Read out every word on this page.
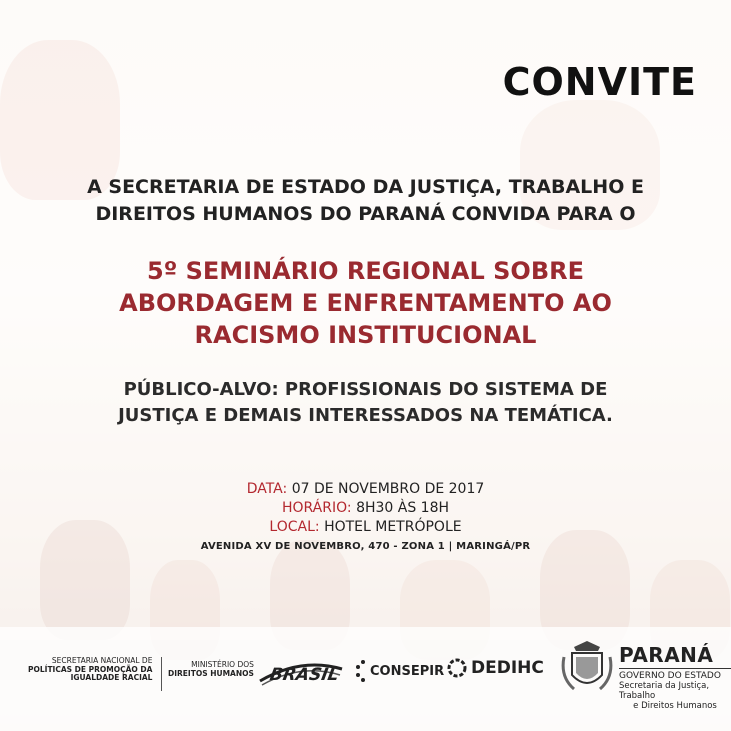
CONVITE
A SECRETARIA DE ESTADO DA JUSTIÇA, TRABALHO E
DIREITOS HUMANOS DO PARANÁ CONVIDA PARA O
5º SEMINÁRIO REGIONAL SOBRE
ABORDAGEM E ENFRENTAMENTO AO
RACISMO INSTITUCIONAL
PÚBLICO-ALVO: PROFISSIONAIS DO SISTEMA DE
JUSTIÇA E DEMAIS INTERESSADOS NA TEMÁTICA.
DATA: 07 DE NOVEMBRO DE 2017
HORÁRIO: 8H30 ÀS 18H
LOCAL: HOTEL METRÓPOLE
AVENIDA XV DE NOVEMBRO, 470 - ZONA 1 | MARINGÁ/PR
SECRETARIA NACIONAL DE
POLÍTICAS DE PROMOÇÃO DA
IGUALDADE RACIAL
MINISTÉRIO DOS
DIREITOS HUMANOS BRASIL CONSEPIR DEDIHC
PARANÁ
GOVERNO DO ESTADO
Secretaria da Justiça, Trabalho
e Direitos Humanos
